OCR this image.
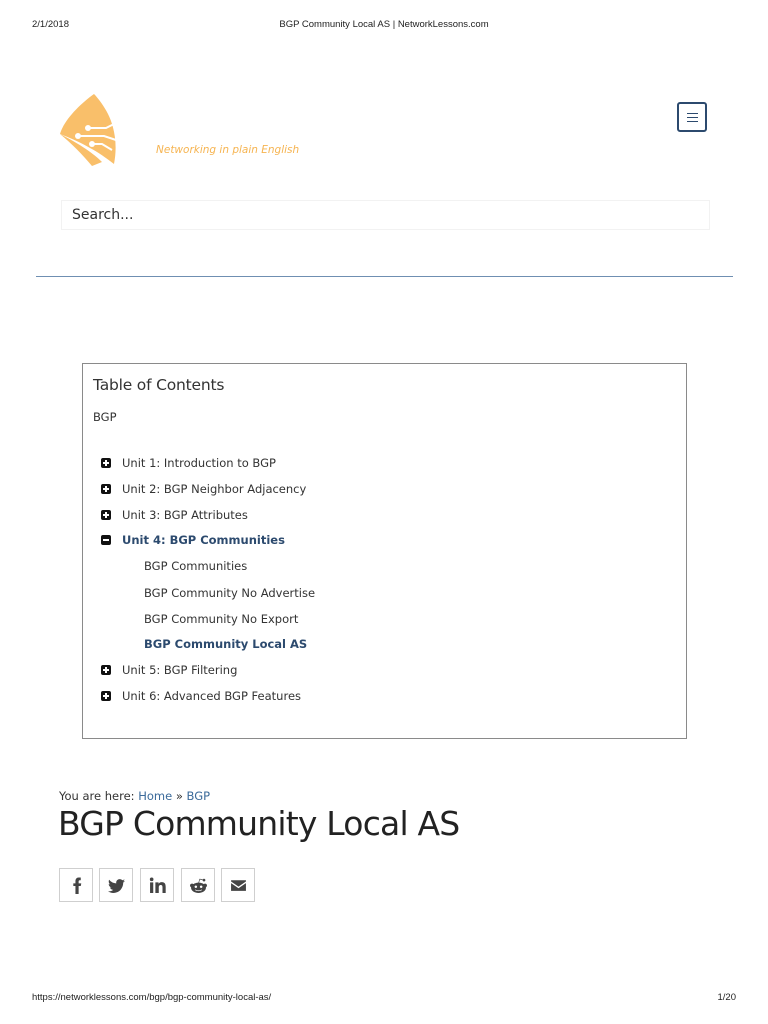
2/1/2018	BGP Community Local AS | NetworkLessons.com
Networking in plain English
Search...
Table of Contents
BGP
Unit 1: Introduction to BGP
Unit 2: BGP Neighbor Adjacency
Unit 3: BGP Attributes
Unit 4: BGP Communities
BGP Communities
BGP Community No Advertise
BGP Community No Export
BGP Community Local AS
Unit 5: BGP Filtering
Unit 6: Advanced BGP Features
You are here: Home » BGP
BGP Community Local AS
https://networklessons.com/bgp/bgp-community-local-as/	1/20
